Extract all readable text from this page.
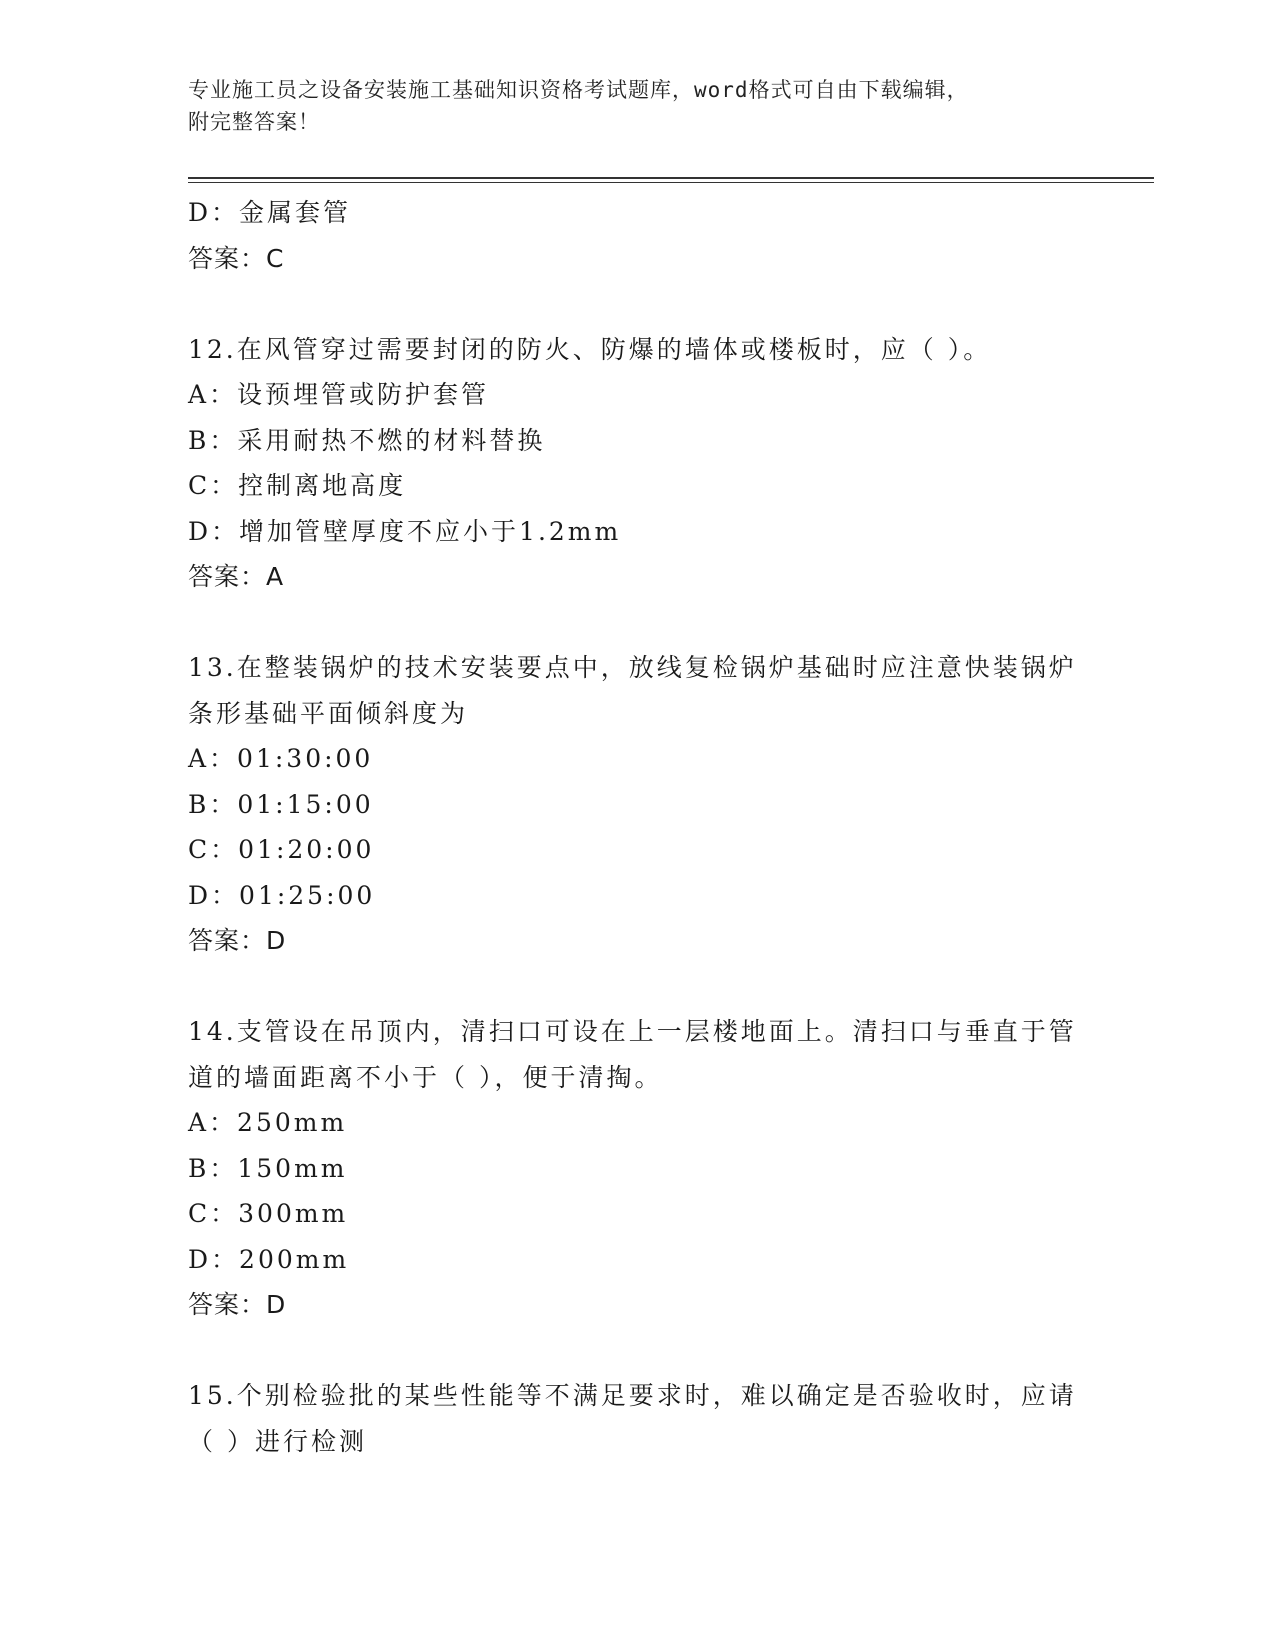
专业施工员之设备安装施工基础知识资格考试题库，word格式可自由下载编辑，
附完整答案！
D：金属套管
答案：C
12.在风管穿过需要封闭的防火、防爆的墙体或楼板时，应（ ）。
A：设预埋管或防护套管
B：采用耐热不燃的材料替换
C：控制离地高度
D：增加管壁厚度不应小于1.2mm
答案：A
13.在整装锅炉的技术安装要点中，放线复检锅炉基础时应注意快装锅炉条形基础平面倾斜度为
A：01:30:00
B：01:15:00
C：01:20:00
D：01:25:00
答案：D
14.支管设在吊顶内，清扫口可设在上一层楼地面上。清扫口与垂直于管道的墙面距离不小于（ ），便于清掏。
A：250mm
B：150mm
C：300mm
D：200mm
答案：D
15.个别检验批的某些性能等不满足要求时，难以确定是否验收时，应请（ ）进行检测
